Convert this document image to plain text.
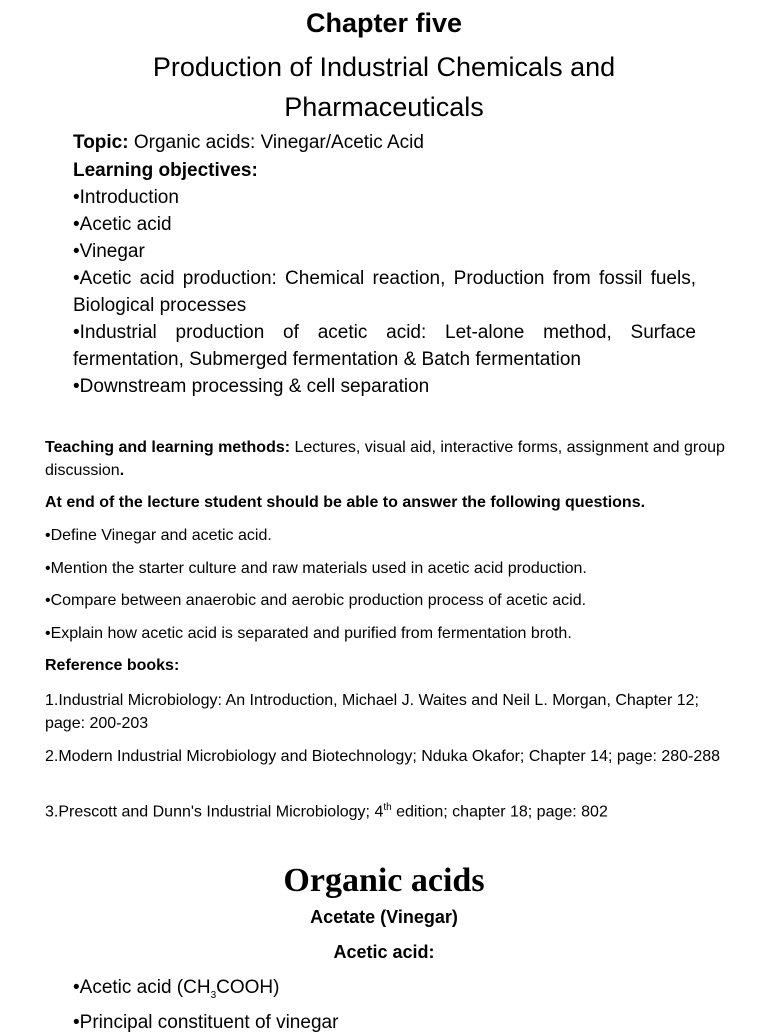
Chapter five
Production of Industrial Chemicals and
Pharmaceuticals
Topic: Organic acids: Vinegar/Acetic Acid
Learning objectives:
•Introduction
•Acetic acid
•Vinegar
•Acetic acid production: Chemical reaction, Production from fossil fuels, Biological processes
•Industrial production of acetic acid: Let-alone method, Surface fermentation, Submerged fermentation & Batch fermentation
•Downstream processing & cell separation
Teaching and learning methods: Lectures, visual aid, interactive forms, assignment and group discussion.
At end of the lecture student should be able to answer the following questions.
•Define Vinegar and acetic acid.
•Mention the starter culture and raw materials used in acetic acid production.
•Compare between anaerobic and aerobic production process of acetic acid.
•Explain how acetic acid is separated and purified from fermentation broth.
Reference books:
1.Industrial Microbiology: An Introduction, Michael J. Waites and Neil L. Morgan, Chapter 12; page: 200-203
2.Modern Industrial Microbiology and Biotechnology; Nduka Okafor; Chapter 14; page: 280-288
3.Prescott and Dunn's Industrial Microbiology; 4th edition; chapter 18; page: 802
Organic acids
Acetate (Vinegar)
Acetic acid:
•Acetic acid $(CH_3COOH)$
•Principal constituent of vinegar
